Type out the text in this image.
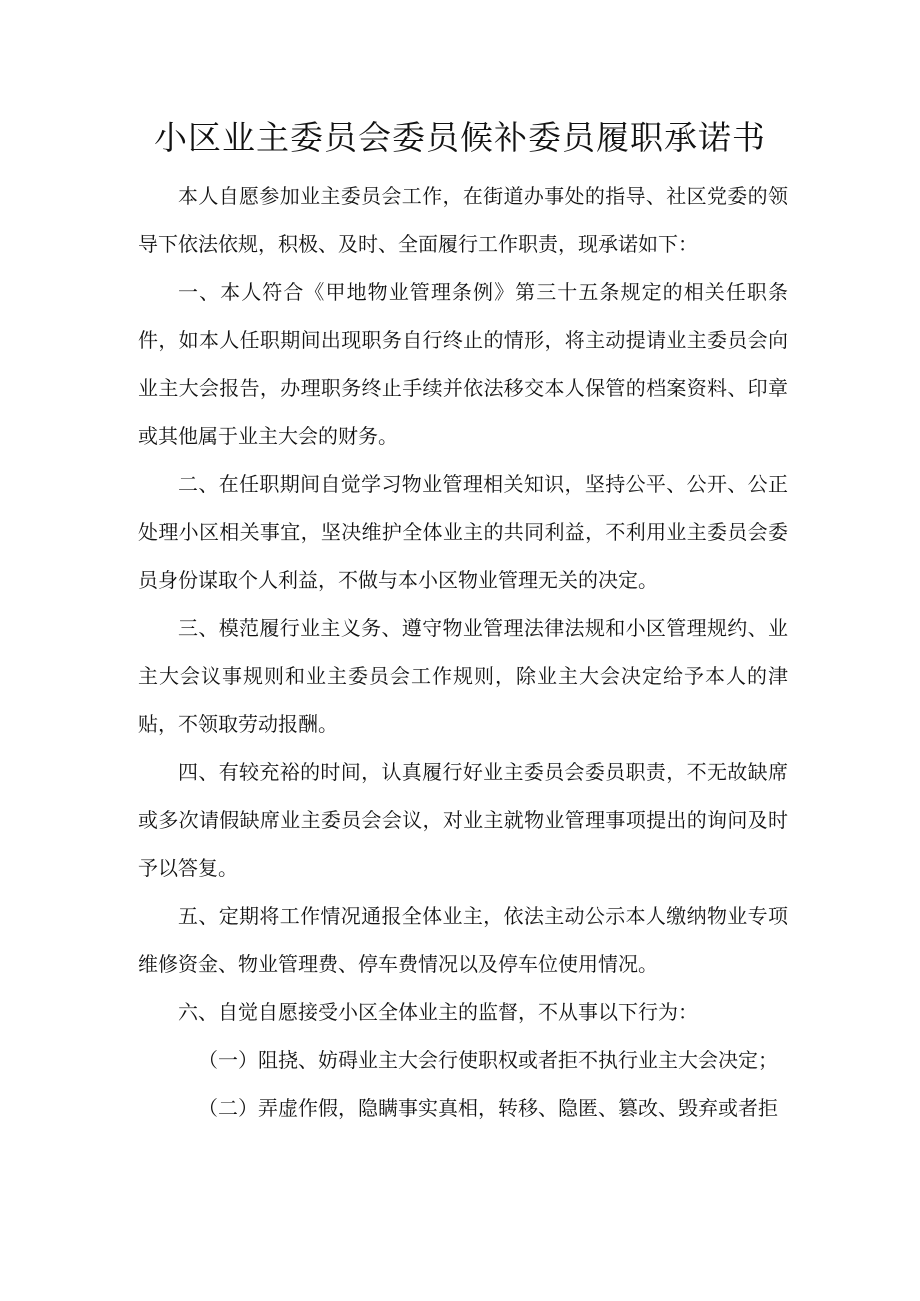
小区业主委员会委员候补委员履职承诺书

本人自愿参加业主委员会工作，在街道办事处的指导、社区党委的领导下依法依规，积极、及时、全面履行工作职责，现承诺如下：

一、本人符合《甲地物业管理条例》第三十五条规定的相关任职条件，如本人任职期间出现职务自行终止的情形，将主动提请业主委员会向业主大会报告，办理职务终止手续并依法移交本人保管的档案资料、印章或其他属于业主大会的财务。

二、在任职期间自觉学习物业管理相关知识，坚持公平、公开、公正处理小区相关事宜，坚决维护全体业主的共同利益，不利用业主委员会委员身份谋取个人利益，不做与本小区物业管理无关的决定。

三、模范履行业主义务、遵守物业管理法律法规和小区管理规约、业主大会议事规则和业主委员会工作规则，除业主大会决定给予本人的津贴，不领取劳动报酬。

四、有较充裕的时间，认真履行好业主委员会委员职责，不无故缺席或多次请假缺席业主委员会会议，对业主就物业管理事项提出的询问及时予以答复。

五、定期将工作情况通报全体业主，依法主动公示本人缴纳物业专项维修资金、物业管理费、停车费情况以及停车位使用情况。

六、自觉自愿接受小区全体业主的监督，不从事以下行为：

（一）阻挠、妨碍业主大会行使职权或者拒不执行业主大会决定；

（二）弄虚作假，隐瞒事实真相，转移、隐匿、篡改、毁弃或者拒
